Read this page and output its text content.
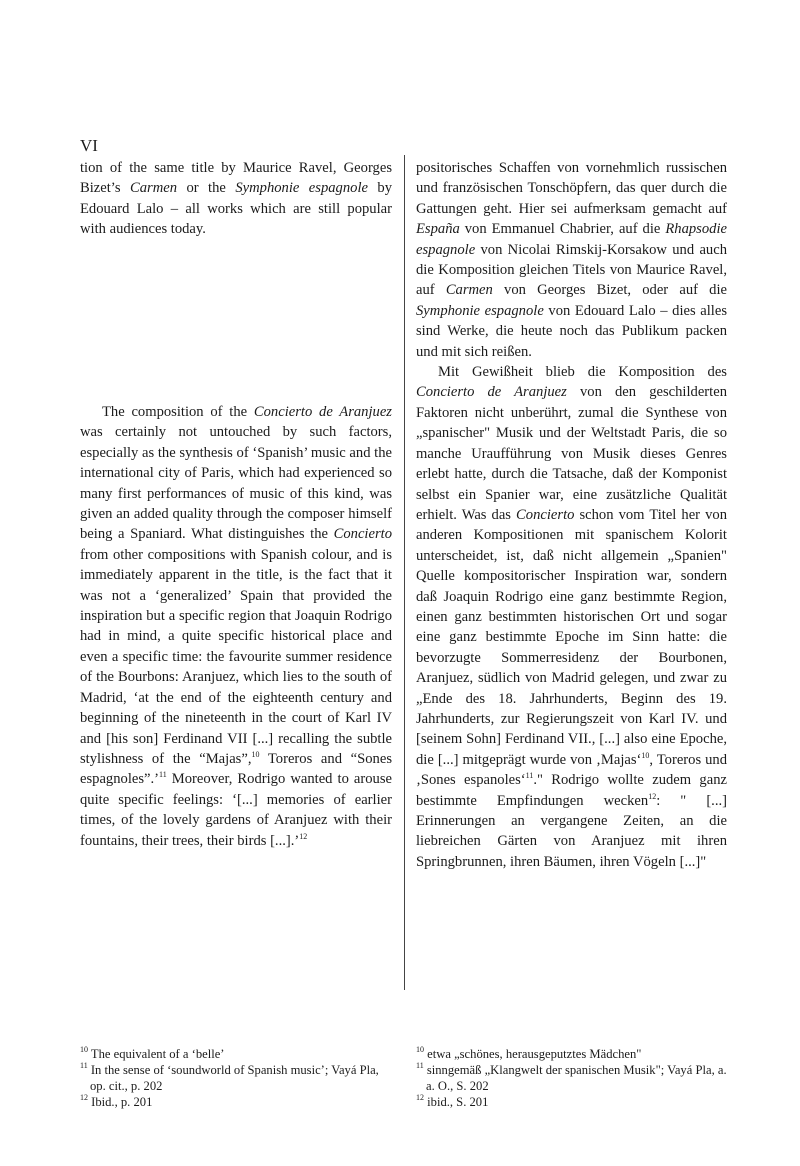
VI

tion of the same title by Maurice Ravel, Georges Bizet’s Carmen or the Symphonie espagnole by Edouard Lalo – all works which are still popular with audiences today.

The composition of the Concierto de Aranjuez was certainly not untouched by such factors, especially as the synthesis of ‘Spanish’ music and the international city of Paris, which had experienced so many first performances of music of this kind, was given an added quality through the composer himself being a Spaniard. What distinguishes the Concierto from other compositions with Spanish colour, and is immediately apparent in the title, is the fact that it was not a ‘generalized’ Spain that provided the inspiration but a specific region that Joaquin Rodrigo had in mind, a quite specific historical place and even a specific time: the favourite summer residence of the Bourbons: Aranjuez, which lies to the south of Madrid, ‘at the end of the eighteenth century and beginning of the nineteenth in the court of Karl IV and [his son] Ferdinand VII [...] recalling the subtle stylishness of the “Majas”,$^{10}$ Toreros and “Sones espagnoles”.’$^{11}$ Moreover, Rodrigo wanted to arouse quite specific feelings: ‘[...] memories of earlier times, of the lovely gardens of Aranjuez with their fountains, their trees, their birds [...].’$^{12}$

positorisches Schaffen von vornehmlich russischen und französischen Tonschöpfern, das quer durch die Gattungen geht. Hier sei aufmerksam gemacht auf España von Emmanuel Chabrier, auf die Rhapsodie espagnole von Nicolai Rimskij-Korsakow und auch die Komposition gleichen Titels von Maurice Ravel, auf Carmen von Georges Bizet, oder auf die Symphonie espagnole von Edouard Lalo – dies alles sind Werke, die heute noch das Publikum packen und mit sich reißen.

Mit Gewißheit blieb die Komposition des Concierto de Aranjuez von den geschilderten Faktoren nicht unberührt, zumal die Synthese von „spanischer" Musik und der Weltstadt Paris, die so manche Uraufführung von Musik dieses Genres erlebt hatte, durch die Tatsache, daß der Komponist selbst ein Spanier war, eine zusätzliche Qualität erhielt. Was das Concierto schon vom Titel her von anderen Kompositionen mit spanischem Kolorit unterscheidet, ist, daß nicht allgemein „Spanien" Quelle kompositorischer Inspiration war, sondern daß Joaquin Rodrigo eine ganz bestimmte Region, einen ganz bestimmten historischen Ort und sogar eine ganz bestimmte Epoche im Sinn hatte: die bevorzugte Sommerresidenz der Bourbonen, Aranjuez, südlich von Madrid gelegen, und zwar zu „Ende des 18. Jahrhunderts, Beginn des 19. Jahrhunderts, zur Regierungszeit von Karl IV. und [seinem Sohn] Ferdinand VII., [...] also eine Epoche, die [...] mitgeprägt wurde von ‚Majas‘$^{10}$, Toreros und ‚Sones espanoles‘$^{11}$." Rodrigo wollte zudem ganz bestimmte Empfindungen wecken$^{12}$: " [...] Erinnerungen an vergangene Zeiten, an die liebreichen Gärten von Aranjuez mit ihren Springbrunnen, ihren Bäumen, ihren Vögeln [...]"

$^{10}$ The equivalent of a ‘belle’

$^{11}$ In the sense of ‘soundworld of Spanish music’; Vayá Pla, op. cit., p. 202

$^{12}$ Ibid., p. 201

$^{10}$ etwa „schönes, herausgeputztes Mädchen"

$^{11}$ sinngemäß „Klangwelt der spanischen Musik"; Vayá Pla, a. a. O., S. 202

$^{12}$ ibid., S. 201
